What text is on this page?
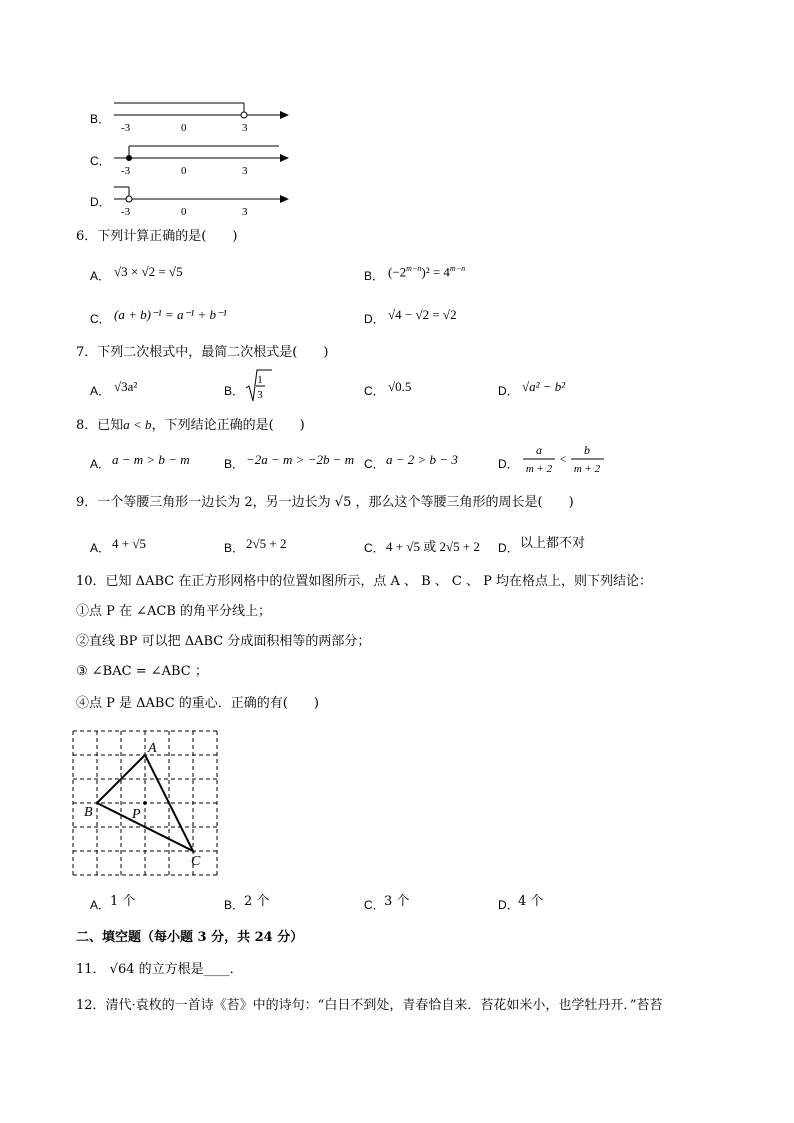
B．
-3	0	3
C．
-3	0	3
D．
-3	0	3
6．下列计算正确的是(　　)
A． √3 × √2 = √5	B． $(-2^{m-n})^2 = 4^{m-n}$
C． (a + b)⁻¹ = a⁻¹ + b⁻¹	D． √4 − √2 = √2
7．下列二次根式中，最简二次根式是(　　)
A． √3a²	B．
1
3	C． √0.5	D． √a² − b²
8．已知a < b，下列结论正确的是(　　)
A． a − m > b − m	B． −2a − m > −2b − m C． a − 2 > b − 3	D．
a
m + 2
<
b
m + 2
9．一个等腰三角形一边长为 2，另一边长为 √5 ，那么这个等腰三角形的周长是(　　)
A． 4 + √5	B． 2√5 + 2	C． 4 + √5 或 2√5 + 2 D． 以上都不对
10．已知 ΔABC 在正方形网格中的位置如图所示，点 A 、 B 、 C 、 P 均在格点上，则下列结论：
①点 P 在 ∠ACB 的角平分线上；
②直线 BP 可以把 ΔABC 分成面积相等的两部分；
③ ∠BAC = ∠ABC ；
④点 P 是 ΔABC 的重心．正确的有(　　)
A
B
C
P
A． 1 个	B． 2 个	C． 3 个	D． 4 个
二、填空题（每小题 3 分，共 24 分）
11． √64 的立方根是____．
12．清代·袁枚的一首诗《苔》中的诗句：“白日不到处，青春恰自来．苔花如米小，也学牡丹开．”苔苔
